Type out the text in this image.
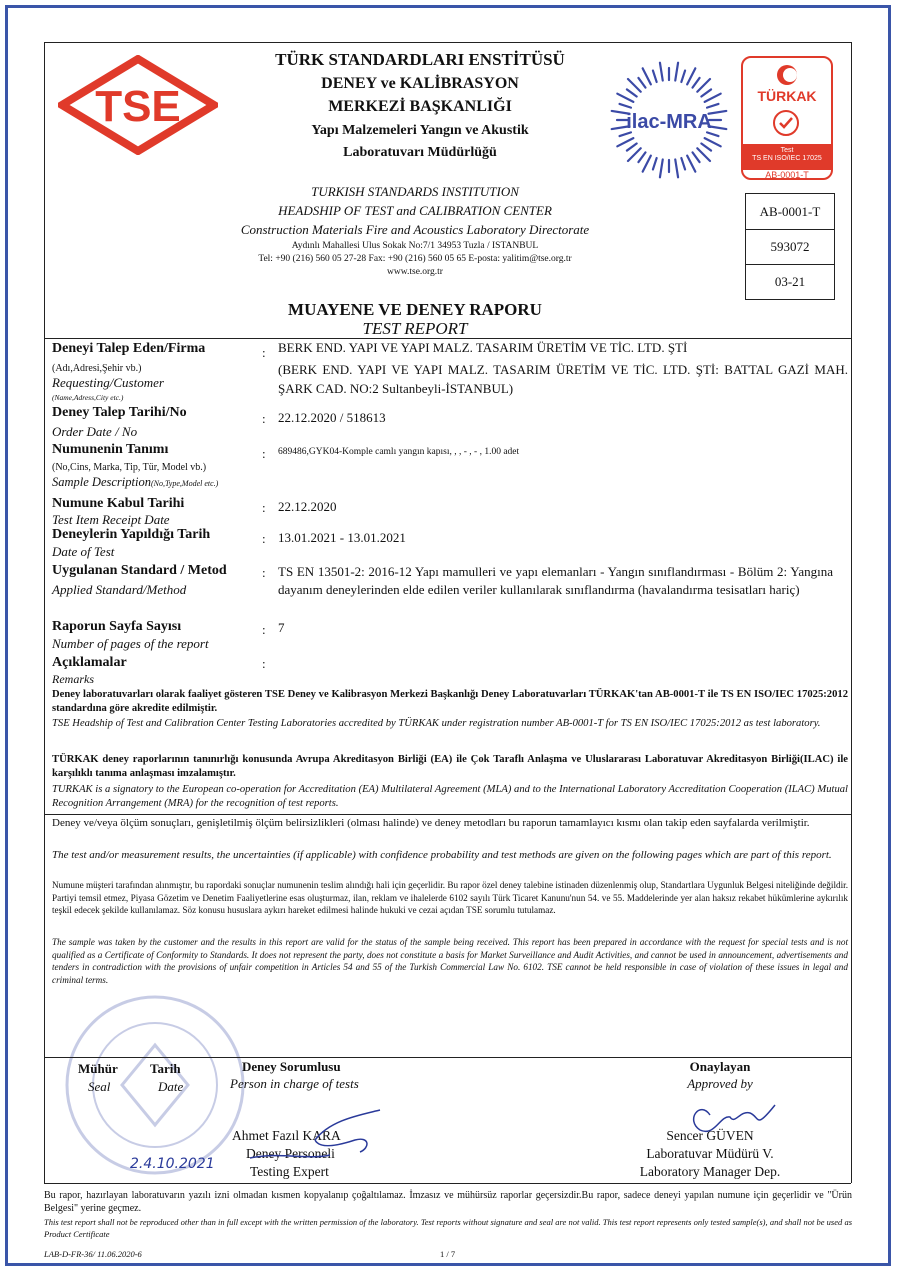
TSE
TÜRK STANDARDLARI ENSTİTÜSÜ
DENEY ve KALİBRASYON
MERKEZİ BAŞKANLIĞI
Yapı Malzemeleri Yangın ve Akustik
Laboratuvarı Müdürlüğü
ilac-MRA
TÜRKAK
Test
TS EN ISO/IEC 17025
AB-0001-T
TURKISH STANDARDS INSTITUTION
HEADSHIP OF TEST and CALIBRATION CENTER
Construction Materials Fire and Acoustics Laboratory Directorate
Aydınlı Mahallesi Ulus Sokak No:7/1 34953 Tuzla / ISTANBUL
Tel: +90 (216) 560 05 27-28 Fax: +90 (216) 560 05 65 E-posta: yalitim@tse.org.tr
www.tse.org.tr
AB-0001-T
593072
03-21
MUAYENE VE DENEY RAPORU
TEST REPORT
Deneyi Talep Eden/Firma
(Adı,Adresi,Şehir vb.)
Requesting/Customer
(Name,Adress,City etc.)
: BERK END. YAPI VE YAPI MALZ. TASARIM ÜRETİM VE TİC. LTD. ŞTİ
(BERK END. YAPI VE YAPI MALZ. TASARIM ÜRETİM VE TİC. LTD. ŞTİ: BATTAL GAZİ MAH. ŞARK CAD. NO:2 Sultanbeyli-İSTANBUL)
Deney Talep Tarihi/No
Order Date / No
: 22.12.2020 / 518613
Numunenin Tanımı
(No,Cins, Marka, Tip, Tür, Model vb.)
Sample Description(No,Type,Model etc.)
: 689486,GYK04-Komple camlı yangın kapısı, , , - , - , 1.00 adet
Numune Kabul Tarihi
Test Item Receipt Date
: 22.12.2020
Deneylerin Yapıldığı Tarih
Date of Test
: 13.01.2021 - 13.01.2021
Uygulanan Standard / Metod
Applied Standard/Method
: TS EN 13501-2: 2016-12 Yapı mamulleri ve yapı elemanları - Yangın sınıflandırması - Bölüm 2: Yangına dayanım deneylerinden elde edilen veriler kullanılarak sınıflandırma (havalandırma tesisatları hariç)
Raporun Sayfa Sayısı
Number of pages of the report
: 7
Açıklamalar
Remarks
:
Deney laboratuvarları olarak faaliyet gösteren TSE Deney ve Kalibrasyon Merkezi Başkanlığı Deney Laboratuvarları TÜRKAK'tan AB-0001-T ile TS EN ISO/IEC 17025:2012 standardına göre akredite edilmiştir.
TSE Headship of Test and Calibration Center Testing Laboratories accredited by TÜRKAK under registration number AB-0001-T for TS EN ISO/IEC 17025:2012 as test laboratory.
TÜRKAK deney raporlarının tanınırlığı konusunda Avrupa Akreditasyon Birliği (EA) ile Çok Taraflı Anlaşma ve Uluslararası Laboratuvar Akreditasyon Birliği(ILAC) ile karşılıklı tanıma anlaşması imzalamıştır.
TURKAK is a signatory to the European co-operation for Accreditation (EA) Multilateral Agreement (MLA) and to the International Laboratory Accreditation Cooperation (ILAC) Mutual Recognition Arrangement (MRA) for the recognition of test reports.
Deney ve/veya ölçüm sonuçları, genişletilmiş ölçüm belirsizlikleri (olması halinde) ve deney metodları bu raporun tamamlayıcı kısmı olan takip eden sayfalarda verilmiştir.
The test and/or measurement results, the uncertainties (if applicable) with confidence probability and test methods are given on the following pages which are part of this report.
Numune müşteri tarafından alınmıştır, bu rapordaki sonuçlar numunenin teslim alındığı hali için geçerlidir. Bu rapor özel deney talebine istinaden düzenlenmiş olup, Standartlara Uygunluk Belgesi niteliğinde değildir. Partiyi temsil etmez, Piyasa Gözetim ve Denetim Faaliyetlerine esas oluşturmaz, ilan, reklam ve ihalelerde 6102 sayılı Türk Ticaret Kanunu'nun 54. ve 55. Maddelerinde yer alan haksız rekabet hükümlerine aykırılık teşkil edecek şekilde kullanılamaz. Söz konusu hususlara aykırı hareket edilmesi halinde hukuki ve cezai açıdan TSE sorumlu tutulamaz.
The sample was taken by the customer and the results in this report are valid for the status of the sample being received. This report has been prepared in accordance with the request for special tests and is not qualified as a Certificate of Conformity to Standards. It does not represent the party, does not constitute a basis for Market Surveillance and Audit Activities, and cannot be used in announcement, advertisements and tenders in contradiction with the provisions of unfair competition in Articles 54 and 55 of the Turkish Commercial Law No. 6102. TSE cannot be held responsible in case of violation of these issues in legal and criminal terms.
Mühür
Seal
Tarih
Date
2.4.10.2021
Deney Sorumlusu
Person in charge of tests
Ahmet Fazıl KARA
Deney Personeli
Testing Expert
Onaylayan
Approved by
Sencer GÜVEN
Laboratuvar Müdürü V.
Laboratory Manager Dep.
Bu rapor, hazırlayan laboratuvarın yazılı izni olmadan kısmen kopyalanıp çoğaltılamaz. İmzasız ve mühürsüz raporlar geçersizdir.Bu rapor, sadece deneyi yapılan numune için geçerlidir ve "Ürün Belgesi" yerine geçmez.
This test report shall not be reproduced other than in full except with the written permission of the laboratory. Test reports without signature and seal are not valid. This test report represents only tested sample(s), and shall not be used as Product Certificate
LAB-D-FR-36/ 11.06.2020-6	1 / 7
